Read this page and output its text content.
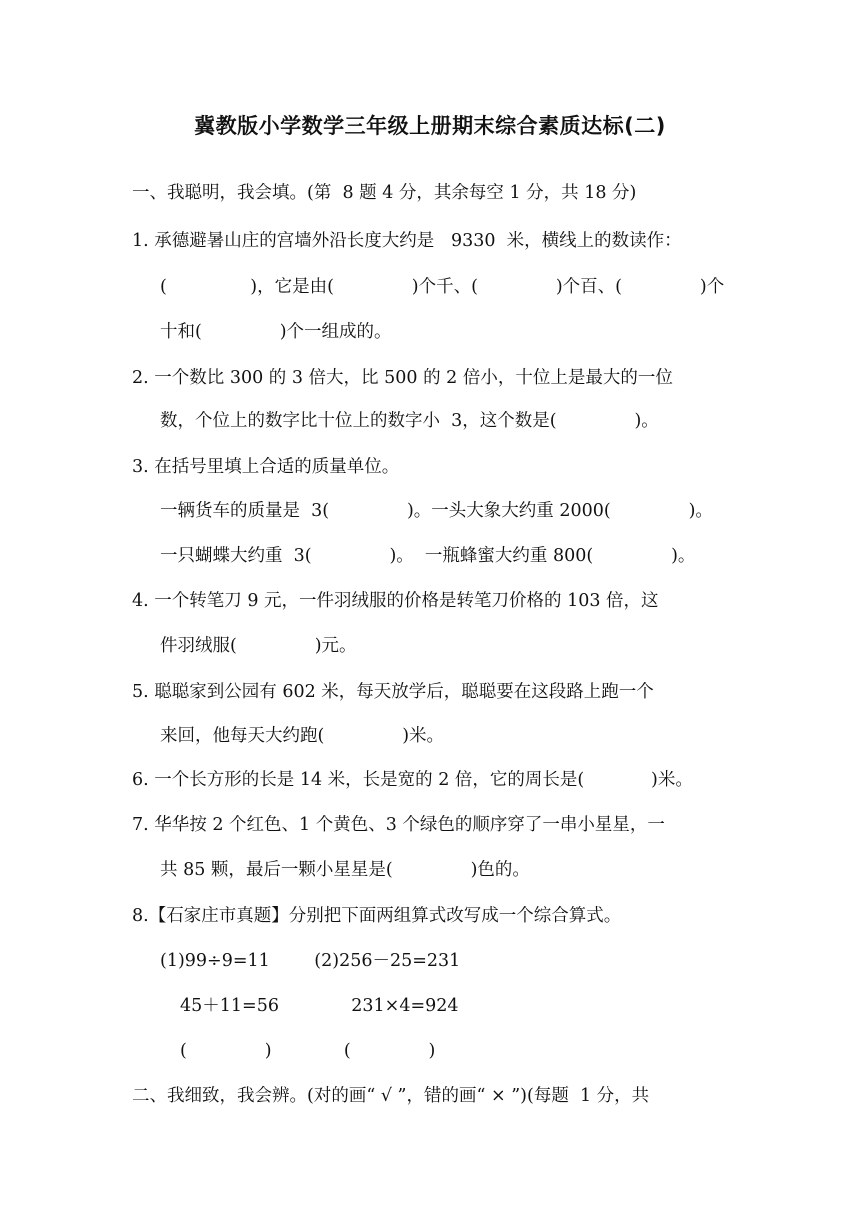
冀教版小学数学三年级上册期末综合素质达标(二)
一、我聪明，我会填。(第  8 题 4 分，其余每空 1 分，共 18 分)
1. 承德避暑山庄的宫墙外沿长度大约是   9330  米，横线上的数读作：
(               )，它是由(              )个千、(              )个百、(              )个
十和(              )个一组成的。
2. 一个数比 300 的 3 倍大，比 500 的 2 倍小，十位上是最大的一位
数，个位上的数字比十位上的数字小  3，这个数是(              )。
3. 在括号里填上合适的质量单位。
一辆货车的质量是  3(              )。一头大象大约重 2000(              )。
一只蝴蝶大约重  3(              )。  一瓶蜂蜜大约重 800(              )。
4. 一个转笔刀 9 元，一件羽绒服的价格是转笔刀价格的 103 倍，这
件羽绒服(              )元。
5. 聪聪家到公园有 602 米，每天放学后，聪聪要在这段路上跑一个
来回，他每天大约跑(              )米。
6. 一个长方形的长是 14 米，长是宽的 2 倍，它的周长是(            )米。
7. 华华按 2 个红色、1 个黄色、3 个绿色的顺序穿了一串小星星，一
共 85 颗，最后一颗小星星是(              )色的。
8.【石家庄市真题】分别把下面两组算式改写成一个综合算式。
(1)99÷9=11        (2)256－25=231
45＋11=56             231×4=924
(              )             (              )
二、我细致，我会辨。(对的画“ √ ”，错的画“ × ”)(每题  1 分，共
